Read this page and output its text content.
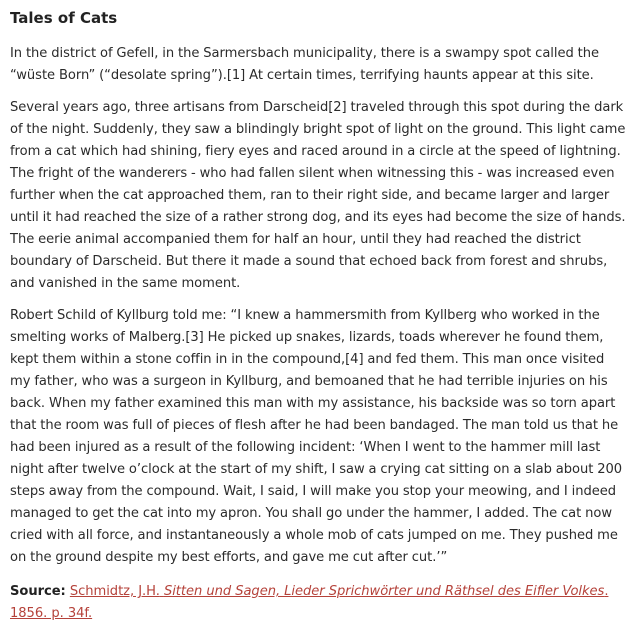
Tales of Cats

In the district of Gefell, in the Sarmersbach municipality, there is a swampy spot called the “wüste Born” (“desolate spring”).[1] At certain times, terrifying haunts appear at this site.

Several years ago, three artisans from Darscheid[2] traveled through this spot during the dark of the night. Suddenly, they saw a blindingly bright spot of light on the ground. This light came from a cat which had shining, fiery eyes and raced around in a circle at the speed of lightning. The fright of the wanderers - who had fallen silent when witnessing this - was increased even further when the cat approached them, ran to their right side, and became larger and larger until it had reached the size of a rather strong dog, and its eyes had become the size of hands. The eerie animal accompanied them for half an hour, until they had reached the district boundary of Darscheid. But there it made a sound that echoed back from forest and shrubs, and vanished in the same moment.

Robert Schild of Kyllburg told me: “I knew a hammersmith from Kyllberg who worked in the smelting works of Malberg.[3] He picked up snakes, lizards, toads wherever he found them, kept them within a stone coffin in in the compound,[4] and fed them. This man once visited my father, who was a surgeon in Kyllburg, and bemoaned that he had terrible injuries on his back. When my father examined this man with my assistance, his backside was so torn apart that the room was full of pieces of flesh after he had been bandaged. The man told us that he had been injured as a result of the following incident: ‘When I went to the hammer mill last night after twelve o’clock at the start of my shift, I saw a crying cat sitting on a slab about 200 steps away from the compound. Wait, I said, I will make you stop your meowing, and I indeed managed to get the cat into my apron. You shall go under the hammer, I added. The cat now cried with all force, and instantaneously a whole mob of cats jumped on me. They pushed me on the ground despite my best efforts, and gave me cut after cut.’”

Source: Schmidtz, J.H. Sitten und Sagen, Lieder Sprichwörter und Räthsel des Eifler Volkes. 1856. p. 34f.
